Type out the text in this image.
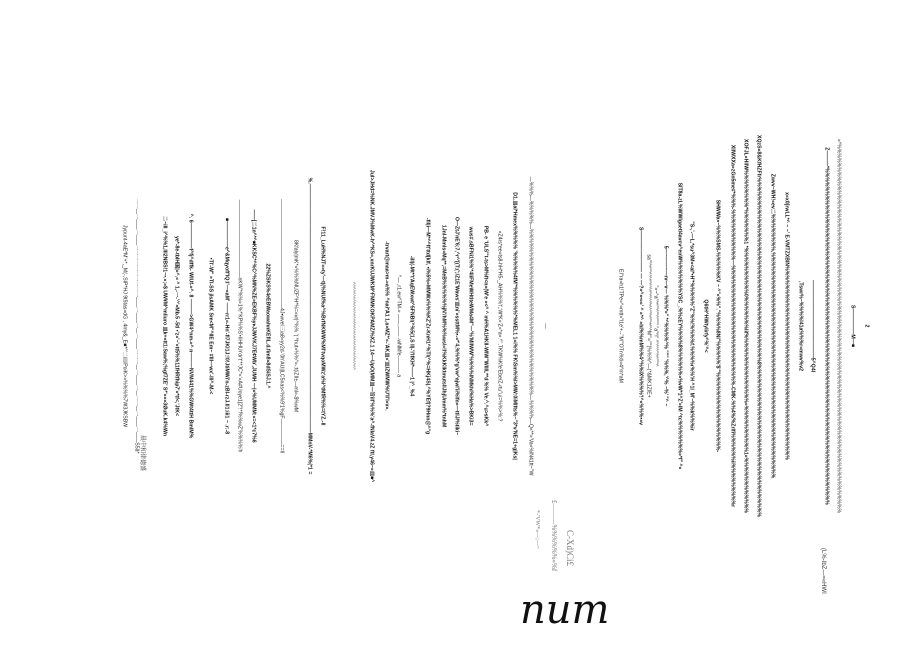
Jypunt-4aE*M'+*,_M(-,SIP*HJ 9t5tas»dG , 4my&_E■*^'二皿iPoiK>»%%%%7W3JKSBW 一一—一——一——一一一一一一一一一一——一——一—一——一一一—一——一—一一—一——一——S5â*	二~iII_i^%%1,III2NBS!1~•.»;»$ UW¥M^mliuro 皿k+«tt1:Saw%;%gf7ZE' S*'«»»3ØuK.k4%Wn ye*-8e-tbIH国|»^.« ^ 1,-一-'^'»Mb.5 -5tl •'z»'~'«tt5%%11fHRfhip7'«*tf<,'JtK< ^. 6—————f^fj^dffk- WIUf-»^. 8 ———>GW4^nm-»^ n———NVM441%%GWt4ttH BmlM%	•Tl'-W" »Tl-SS jlsAMK Sm<M"^IIE Em~ #III—wx'-lll^-M-< ■—————e^&Mqyoff'IQ:I'—«aM' ——rr1«-Hn'-fl7JKI1J:!0!JtiMWi'n-zBl-rzJ.ll1:iii1 ~ .r:-8 ———————————————nKW'*%%»1%*'KP%%S'•IiHHUr'dr't'**JC*«'»A#Uoye1[2"!*f%%wZ'%%%%'h ——[二1n^*^■KKSC*^%C^%MN%ZE»EKBF%y♦JJWVKJ7E¢Wb',JUMH —|»%UMMM:«=<1*c7%6 22%ZSKS%4eEBWaowahnKEflL.d.fim8«8dSiSJ.1.^ —————————————————————4J•wvel三ia8«yy2d-'0h'AU||LC5nas<%%9'1%gF—————==ll 8Kfaly|mK*«%%%NUZF^H*%=«vr|^%% '( ^hut»%%^»-:t(iZII±—ml»-$%wM %.————————————————————————————————————————————————MMnV-*M6%(*1 = F!11_LuH%NJT»»ty'—t|(%NUf%a^%BrfNKWW%Ml'tvqoMWz'a%l^tMfR%%=tYZ.-ll	^^^^^^^^^^^^^^^^^^^^^^^^^^^^^^^^^^^^	Jul>JHd=%NK.JMVJ%MwK-h^*KS«,xnrKUJWKM^FMMKOKPAMZ/%XZ.1 14—UpO(MM皿—旨iII'%%%'a^-fNlaV4.zZ ftl,y46~»皿■^ -trvart@maa>m-»a%% ^nai*A1 1,a»MZ*'«-'AK皿«'皿lZWMW%U'II'l«v». ^— ,r1.ew^TM-» ——.—— -wNMfe-——— a -ill|(-Mt*'t'AqEWxwt^5FNBl(^%5(1,S ll|-'l'lfKH*——1 |^_%4 -fll|i—M*^^ft'ttd[kIf, •i%5%»MMWx%%%KZ'Zr-KnH1^%Tl(^%=HKj4S|.^%YEf|?9Hnn@^"g 1Jnl-Mmls«Mq**,=MeB%%%%%%jN'/hM%%%ws\«!l%KkKlktmutsllJhjUmm%*tnhM O—ZtJ'nE'6;7,^r^'[(T;(';/Z1E'Waws'皿ni'«ssttM%•-«*'4,%%%*g'vw^ajwl'ii%lfn«—ttlJ/%tiki~ wus#.sBFNi1%%'*4IiFMeWHtlteWMa4M"—'%'MIIWW'%%%%lNMkhl%Ha%>BKi3= PB- e 'ULS'"t-ts>M%ft<n«(W'e «<^ ^ mH%A1HKII-WIW"WIIIL**d %% Ve.^.^u>sKk^ «Z4rs*ee»ts8-hH*H5-_AH%%%'f,:W*K»'Z«*a».^'',TKW%Kfe'Ebe/Z-rtu"ui=%%>%:? D1.皿al*Hmex%%%%% '%%%%%4fM'*%%%%%%*%MEL1 1«i%% FK\Sm%%I>MW:0iMIfts%~"3*v'NE=1+g|Ks| —%%%—%%%%%—%%%%%%%%%%%%%%%%%%%%%%%%%%%%%%%%%%%%—%%%%—Q«**»'Va»%lN41tt~"W —	EI"ra«h1!TPe»^«mtt»"l1e'+--''M'"OTn%t\«4^m*aM	S———————— — —?»^»•»»' ^ »*^ »hl%%mM%%4^%%lX%%%%'!^»%%%•»v sa""^^""^"^^"^"^^"^"^"^^^""^^""*^"^M"'»""'(%%%^—(*&MK1ZIE+ "»~^a"^^""^""^"""" "a"^l" ^"^"^"'^^"""^ 5—~——~—rv—v— %%%*»" *^%%%%^% """ '%%%,'^% ~%' "^ ~ SIT8a-zL%WWlgaetl4avcv^enW%%%%%%%YSC_.%%zEY%%%%8%%%%%%»%vW*1^Z'»lM ^tc%%%%%%%»*f" ^» "S-,'-—L,*su^3M»<aI*•H'*%%%%%"Z"%%!%%%%f.%%%%r%%'H ^1l_M'~%%k%%%ir Q6tH^HWtylirfy^%'^< SHWWa»~%%%SMS-%%%%%KV ~ ^"«%%"."%%%%8NI"%%%%%'$'"%%%%%%%%%%%%%%%%%- XIIWXXa»zGn5me#*%%%-%%%%%%%%%%%—%%%%%%%%%%%%%%%%%%%%%%%%%%-CMK-%%4%/%Zrlfi%%%%%%ii%%%%%%%%%r XOFJL«HllW%%%%%%%%*%%%%%%%1 *%%%%%%%%%%0%%%%%%%lif%%%%%%%%%%%%%%%»%%%%%%%%%%1»%%%%%%%%%%%% XQzS«8&KfHZFfr%%%%%%%%%%%%%%%%%%%%%%%%%%%%%%%%%%%%%%%%8%%%%%%%%%%%%%%%%%%%%%%%%%%%%%%%%% Zwvv~WH!«ev二%%%%%%%%,%%%%%%%%%%%%%%%%%%%%%%%%%%%%%%%%%%%%%%%%%%%%%%%%% x«x0[rwLL*^ ~ ~' E-VMTZXBIN%%%%%%%%%%%%%%%%%%%%%%%%%%%%%%%%%%%%%%%%%% ,Tswr%~%%%%l41a%%%r«mwv%v2 ———————————————5^Q4I Z———*%%%%%%%%%%%%%%%%%%%%%%%%%%%%%%%%%%%%%%%%%%%%%%%%%%%%%%%%%%%%%%%%%%%%%%%%% »^%%%%%%%%%%%%%%%%%%%%%%%%%%%%%%%%%%%%%%%%%%%%%%%%%%%%%%%%%%%%%%%%%%%%%%%%%%%%%%%% S—————M—■ 2
C-Xd)Ci£
£———%%%%%%»%f
*-'VW*«—;—~
num
(L%-IbZ—=«HWI
晨中和律德盛
